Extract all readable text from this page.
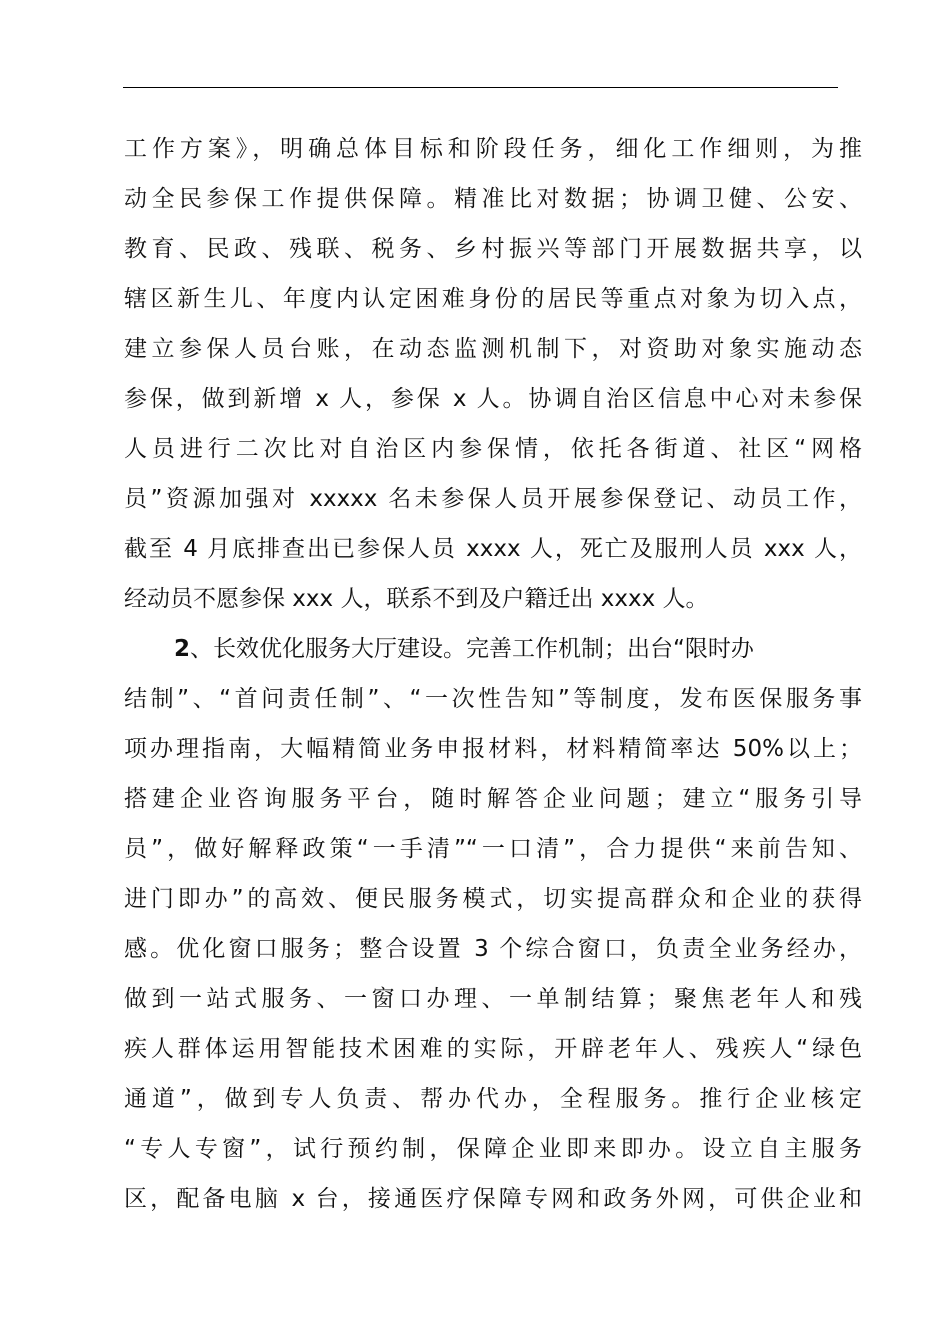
工作方案》，明确总体目标和阶段任务，细化工作细则，为推
动全民参保工作提供保障。精准比对数据；协调卫健、公安、
教育、民政、残联、税务、乡村振兴等部门开展数据共享，以
辖区新生儿、年度内认定困难身份的居民等重点对象为切入点，
建立参保人员台账，在动态监测机制下，对资助对象实施动态
参保，做到新增 x 人，参保 x 人。协调自治区信息中心对未参保
人员进行二次比对自治区内参保情，依托各街道、社区“网格
员”资源加强对 xxxxx 名未参保人员开展参保登记、动员工作，
截至 4 月底排查出已参保人员 xxxx 人，死亡及服刑人员 xxx 人，
经动员不愿参保 xxx 人，联系不到及户籍迁出 xxxx 人。
2、长效优化服务大厅建设。完善工作机制；出台“限时办
结制”、“首问责任制”、“一次性告知”等制度，发布医保服务事
项办理指南，大幅精简业务申报材料，材料精简率达 50%以上；
搭建企业咨询服务平台，随时解答企业问题；建立“服务引导
员”，做好解释政策“一手清”“一口清”，合力提供“来前告知、
进门即办”的高效、便民服务模式，切实提高群众和企业的获得
感。优化窗口服务；整合设置 3 个综合窗口，负责全业务经办，
做到一站式服务、一窗口办理、一单制结算；聚焦老年人和残
疾人群体运用智能技术困难的实际，开辟老年人、残疾人“绿色
通道”，做到专人负责、帮办代办，全程服务。推行企业核定
“专人专窗”，试行预约制，保障企业即来即办。设立自主服务
区，配备电脑 x 台，接通医疗保障专网和政务外网，可供企业和
